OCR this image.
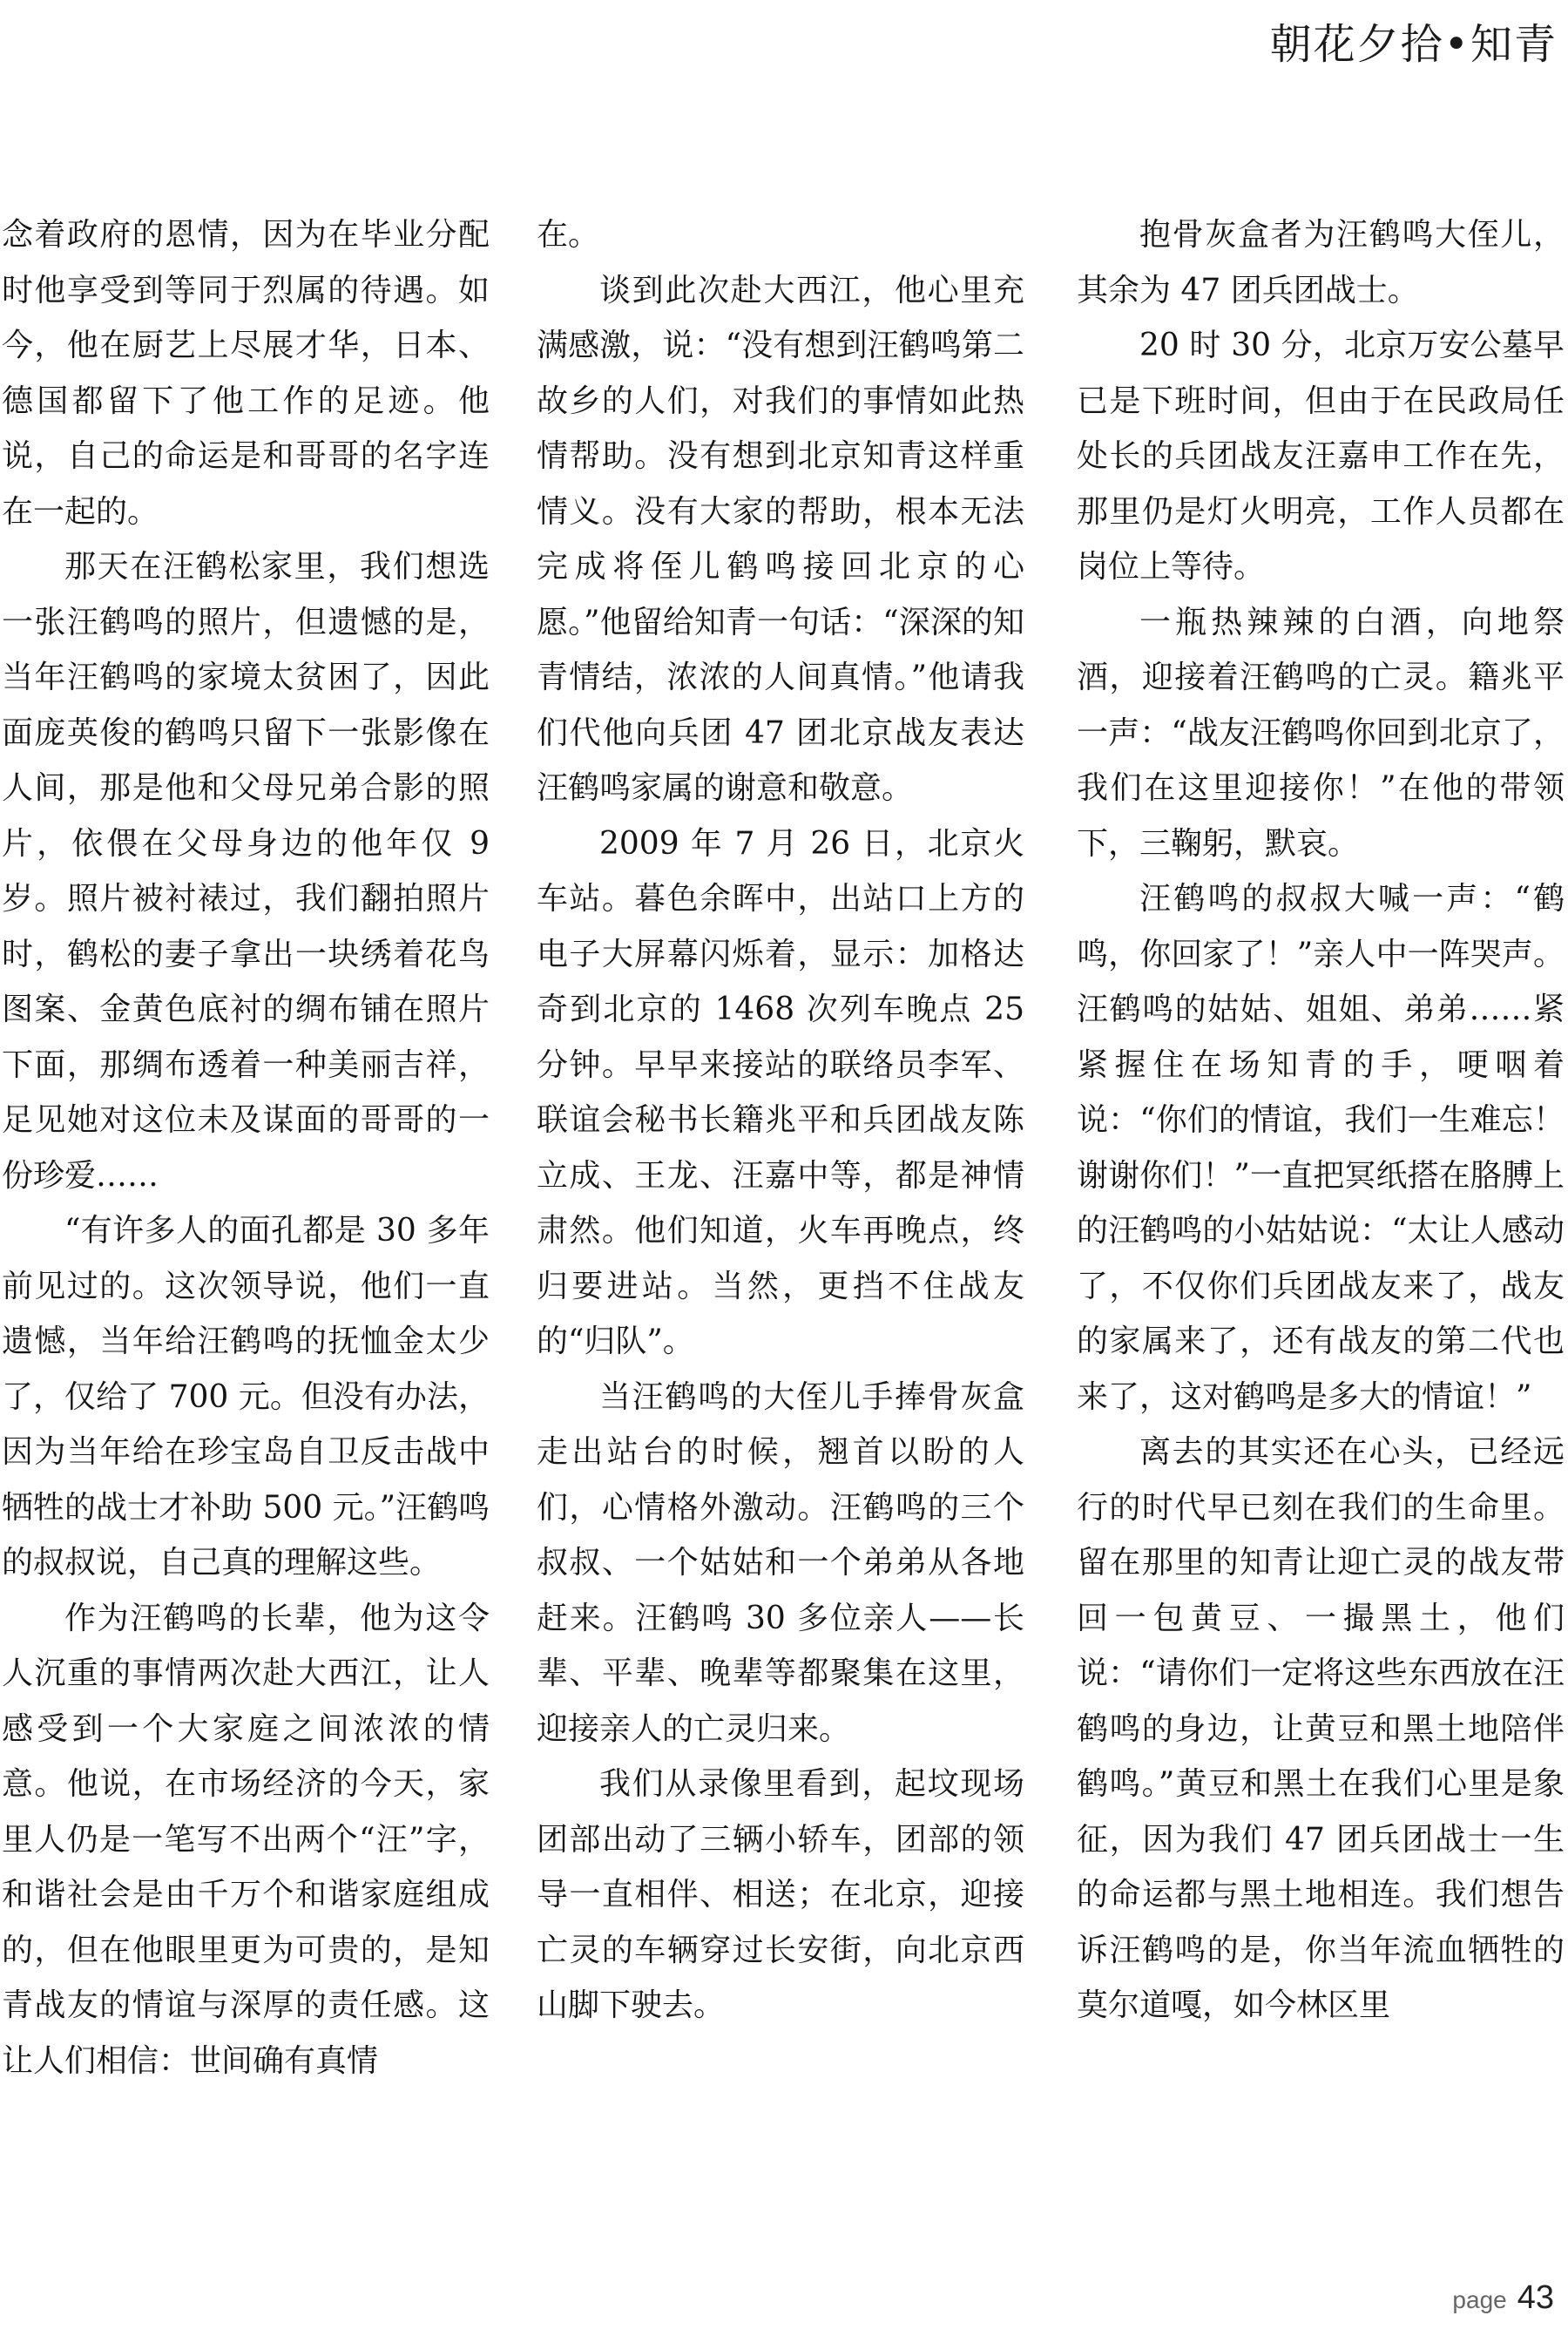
朝花夕拾•知青

念着政府的恩情，因为在毕业分配时他享受到等同于烈属的待遇。如今，他在厨艺上尽展才华，日本、德国都留下了他工作的足迹。他说，自己的命运是和哥哥的名字连在一起的。

那天在汪鹤松家里，我们想选一张汪鹤鸣的照片，但遗憾的是，当年汪鹤鸣的家境太贫困了，因此面庞英俊的鹤鸣只留下一张影像在人间，那是他和父母兄弟合影的照片，依偎在父母身边的他年仅 9 岁。照片被衬裱过，我们翻拍照片时，鹤松的妻子拿出一块绣着花鸟图案、金黄色底衬的绸布铺在照片下面，那绸布透着一种美丽吉祥，足见她对这位未及谋面的哥哥的一份珍爱……

“有许多人的面孔都是 30 多年前见过的。这次领导说，他们一直遗憾，当年给汪鹤鸣的抚恤金太少了，仅给了 700 元。但没有办法，因为当年给在珍宝岛自卫反击战中牺牲的战士才补助 500 元。”汪鹤鸣的叔叔说，自己真的理解这些。

作为汪鹤鸣的长辈，他为这令人沉重的事情两次赴大西江，让人感受到一个大家庭之间浓浓的情意。他说，在市场经济的今天，家里人仍是一笔写不出两个“汪”字，和谐社会是由千万个和谐家庭组成的，但在他眼里更为可贵的，是知青战友的情谊与深厚的责任感。这让人们相信：世间确有真情

在。

谈到此次赴大西江，他心里充满感激，说：“没有想到汪鹤鸣第二故乡的人们，对我们的事情如此热情帮助。没有想到北京知青这样重情义。没有大家的帮助，根本无法完成将侄儿鹤鸣接回北京的心愿。”他留给知青一句话：“深深的知青情结，浓浓的人间真情。”他请我们代他向兵团 47 团北京战友表达汪鹤鸣家属的谢意和敬意。

2009 年 7 月 26 日，北京火车站。暮色余晖中，出站口上方的电子大屏幕闪烁着，显示：加格达奇到北京的 1468 次列车晚点 25 分钟。早早来接站的联络员李军、联谊会秘书长籍兆平和兵团战友陈立成、王龙、汪嘉中等，都是神情肃然。他们知道，火车再晚点，终归要进站。当然，更挡不住战友的“归队”。

当汪鹤鸣的大侄儿手捧骨灰盒走出站台的时候，翘首以盼的人们，心情格外激动。汪鹤鸣的三个叔叔、一个姑姑和一个弟弟从各地赶来。汪鹤鸣 30 多位亲人——长辈、平辈、晚辈等都聚集在这里，迎接亲人的亡灵归来。

我们从录像里看到，起坟现场团部出动了三辆小轿车，团部的领导一直相伴、相送；在北京，迎接亡灵的车辆穿过长安街，向北京西山脚下驶去。

抱骨灰盒者为汪鹤鸣大侄儿，其余为 47 团兵团战士。

20 时 30 分，北京万安公墓早已是下班时间，但由于在民政局任处长的兵团战友汪嘉申工作在先，那里仍是灯火明亮，工作人员都在岗位上等待。

一瓶热辣辣的白酒，向地祭酒，迎接着汪鹤鸣的亡灵。籍兆平一声：“战友汪鹤鸣你回到北京了，我们在这里迎接你！”在他的带领下，三鞠躬，默哀。

汪鹤鸣的叔叔大喊一声：“鹤鸣，你回家了！”亲人中一阵哭声。汪鹤鸣的姑姑、姐姐、弟弟……紧紧握住在场知青的手，哽咽着说：“你们的情谊，我们一生难忘！谢谢你们！”一直把冥纸搭在胳膊上的汪鹤鸣的小姑姑说：“太让人感动了，不仅你们兵团战友来了，战友的家属来了，还有战友的第二代也来了，这对鹤鸣是多大的情谊！”

离去的其实还在心头，已经远行的时代早已刻在我们的生命里。留在那里的知青让迎亡灵的战友带回一包黄豆、一撮黑土，他们说：“请你们一定将这些东西放在汪鹤鸣的身边，让黄豆和黑土地陪伴鹤鸣。”黄豆和黑土在我们心里是象征，因为我们 47 团兵团战士一生的命运都与黑土地相连。我们想告诉汪鹤鸣的是，你当年流血牺牲的莫尔道嘎，如今林区里

page 43
